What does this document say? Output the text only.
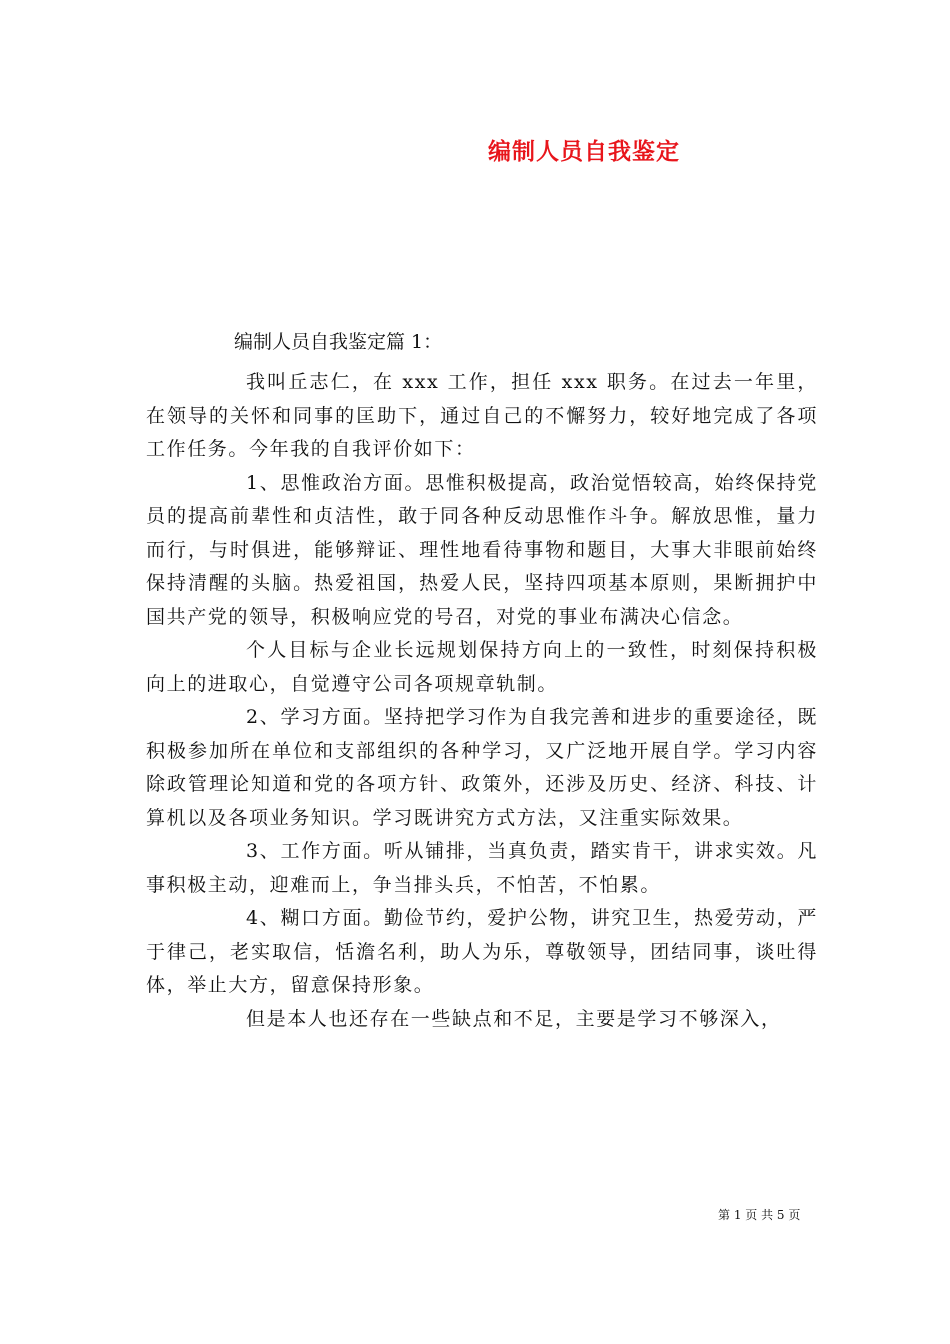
编制人员自我鉴定
编制人员自我鉴定篇 1：

我叫丘志仁，在 xxx 工作，担任 xxx 职务。在过去一年里，在领导的关怀和同事的匡助下，通过自己的不懈努力，较好地完成了各项工作任务。今年我的自我评价如下：

1、思惟政治方面。思惟积极提高，政治觉悟较高，始终保持党员的提高前辈性和贞洁性，敢于同各种反动思惟作斗争。解放思惟，量力而行，与时俱进，能够辩证、理性地看待事物和题目，大事大非眼前始终保持清醒的头脑。热爱祖国，热爱人民，坚持四项基本原则，果断拥护中国共产党的领导，积极响应党的号召，对党的事业布满决心信念。

个人目标与企业长远规划保持方向上的一致性，时刻保持积极向上的进取心，自觉遵守公司各项规章轨制。

2、学习方面。坚持把学习作为自我完善和进步的重要途径，既积极参加所在单位和支部组织的各种学习，又广泛地开展自学。学习内容除政管理论知道和党的各项方针、政策外，还涉及历史、经济、科技、计算机以及各项业务知识。学习既讲究方式方法，又注重实际效果。

3、工作方面。听从铺排，当真负责，踏实肯干，讲求实效。凡事积极主动，迎难而上，争当排头兵，不怕苦，不怕累。

4、糊口方面。勤俭节约，爱护公物，讲究卫生，热爱劳动，严于律己，老实取信，恬澹名利，助人为乐，尊敬领导，团结同事，谈吐得体，举止大方，留意保持形象。

但是本人也还存在一些缺点和不足，主要是学习不够深入，

第 1 页 共 5 页
